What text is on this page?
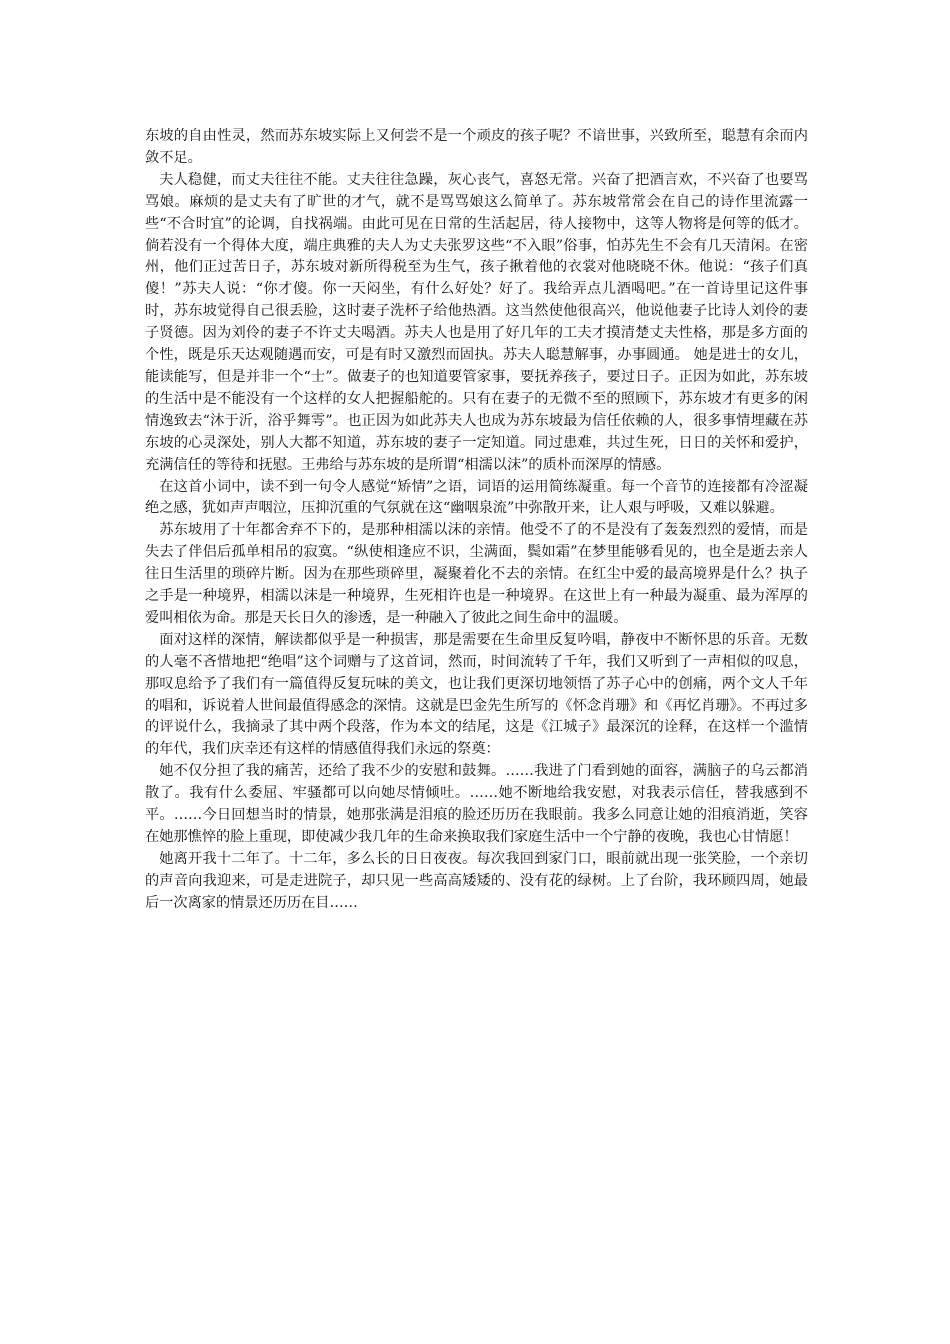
东坡的自由性灵，然而苏东坡实际上又何尝不是一个顽皮的孩子呢？不谙世事，兴致所至，聪慧有余而内敛不足。

夫人稳健，而丈夫往往不能。丈夫往往急躁，灰心丧气，喜怒无常。兴奋了把酒言欢，不兴奋了也要骂骂娘。麻烦的是丈夫有了旷世的才气，就不是骂骂娘这么简单了。苏东坡常常会在自己的诗作里流露一些“不合时宜”的论调，自找祸端。由此可见在日常的生活起居，待人接物中，这等人物将是何等的低才。倘若没有一个得体大度，端庄典雅的夫人为丈夫张罗这些“不入眼”俗事，怕苏先生不会有几天清闲。在密州，他们正过苦日子，苏东坡对新所得税至为生气，孩子揪着他的衣裳对他晓晓不休。他说：“孩子们真傻！”苏夫人说：“你才傻。你一天闷坐，有什么好处？好了。我给弄点儿酒喝吧。”在一首诗里记这件事时，苏东坡觉得自己很丢脸，这时妻子洗杯子给他热酒。这当然使他很高兴，他说他妻子比诗人刘伶的妻子贤德。因为刘伶的妻子不许丈夫喝酒。苏夫人也是用了好几年的工夫才摸清楚丈夫性格，那是多方面的个性，既是乐天达观随遇而安，可是有时又激烈而固执。苏夫人聪慧解事，办事圆通。 她是进士的女儿，能读能写，但是并非一个“士”。做妻子的也知道要管家事，要抚养孩子，要过日子。正因为如此，苏东坡的生活中是不能没有一个这样的女人把握船舵的。只有在妻子的无微不至的照顾下，苏东坡才有更多的闲情逸致去“沐于沂，浴乎舞雩”。也正因为如此苏夫人也成为苏东坡最为信任依赖的人，很多事情埋藏在苏东坡的心灵深处，别人大都不知道，苏东坡的妻子一定知道。同过患难，共过生死，日日的关怀和爱护，充满信任的等待和抚慰。王弗给与苏东坡的是所谓“相濡以沫”的质朴而深厚的情感。

在这首小词中，读不到一句令人感觉“矫情”之语，词语的运用简练凝重。每一个音节的连接都有冷涩凝绝之感，犹如声声咽泣，压抑沉重的气氛就在这“幽咽泉流”中弥散开来，让人艰与呼吸，又难以躲避。

苏东坡用了十年都舍弃不下的，是那种相濡以沫的亲情。他受不了的不是没有了轰轰烈烈的爱情，而是失去了伴侣后孤单相吊的寂寞。“纵使相逢应不识，尘满面，鬓如霜”在梦里能够看见的，也全是逝去亲人往日生活里的琐碎片断。因为在那些琐碎里，凝聚着化不去的亲情。在红尘中爱的最高境界是什么？执子之手是一种境界，相濡以沫是一种境界，生死相许也是一种境界。在这世上有一种最为凝重、最为浑厚的爱叫相依为命。那是天长日久的渗透，是一种融入了彼此之间生命中的温暖。

面对这样的深情，解读都似乎是一种损害，那是需要在生命里反复吟唱，静夜中不断怀思的乐音。无数的人毫不吝惜地把“绝唱”这个词赠与了这首词，然而，时间流转了千年，我们又听到了一声相似的叹息，那叹息给予了我们有一篇值得反复玩味的美文，也让我们更深切地领悟了苏子心中的创痛，两个文人千年的唱和，诉说着人世间最值得感念的深情。这就是巴金先生所写的《怀念肖珊》和《再忆肖珊》。不再过多的评说什么，我摘录了其中两个段落，作为本文的结尾，这是《江城子》最深沉的诠释，在这样一个滥情的年代，我们庆幸还有这样的情感值得我们永远的祭奠：

她不仅分担了我的痛苦，还给了我不少的安慰和鼓舞。……我进了门看到她的面容，满脑子的乌云都消散了。我有什么委屈、牢骚都可以向她尽情倾吐。……她不断地给我安慰，对我表示信任，替我感到不平。……今日回想当时的情景，她那张满是泪痕的脸还历历在我眼前。我多么同意让她的泪痕消逝，笑容在她那憔悴的脸上重现，即使减少我几年的生命来换取我们家庭生活中一个宁静的夜晚，我也心甘情愿！

她离开我十二年了。十二年，多么长的日日夜夜。每次我回到家门口，眼前就出现一张笑脸，一个亲切的声音向我迎来，可是走进院子，却只见一些高高矮矮的、没有花的绿树。上了台阶，我环顾四周，她最后一次离家的情景还历历在目……
